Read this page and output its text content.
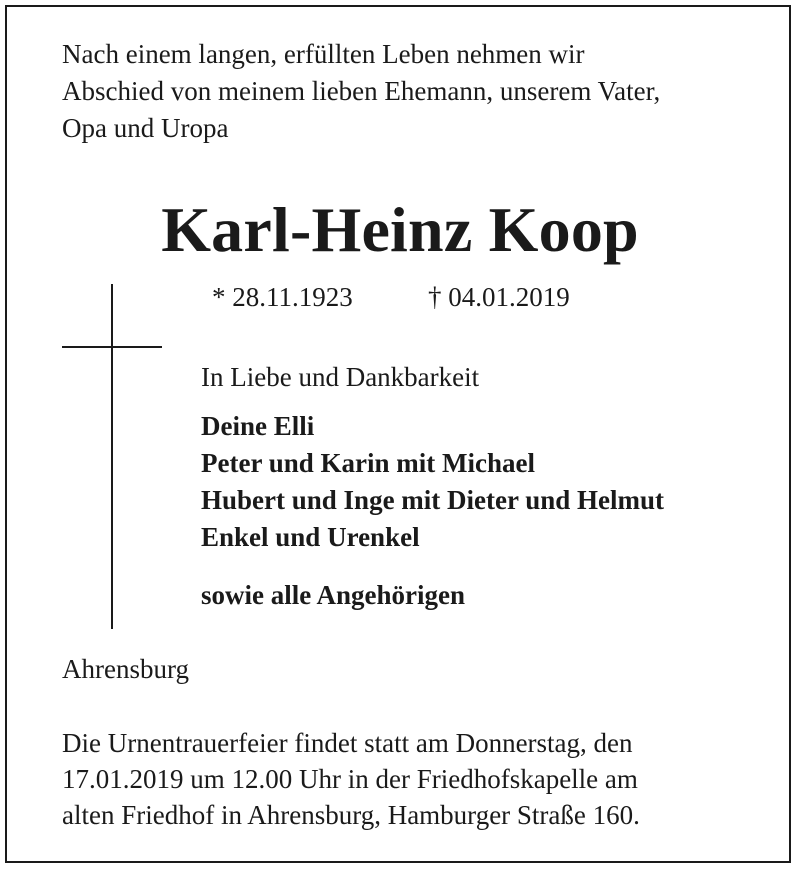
Nach einem langen, erfüllten Leben nehmen wir
Abschied von meinem lieben Ehemann, unserem Vater,
Opa und Uropa

Karl-Heinz Koop
* 28.11.1923	† 04.01.2019

In Liebe und Dankbarkeit

Deine Elli
Peter und Karin mit Michael
Hubert und Inge mit Dieter und Helmut
Enkel und Urenkel

sowie alle Angehörigen

Ahrensburg

Die Urnentrauerfeier findet statt am Donnerstag, den
17.01.2019 um 12.00 Uhr in der Friedhofskapelle am
alten Friedhof in Ahrensburg, Hamburger Straße 160.
